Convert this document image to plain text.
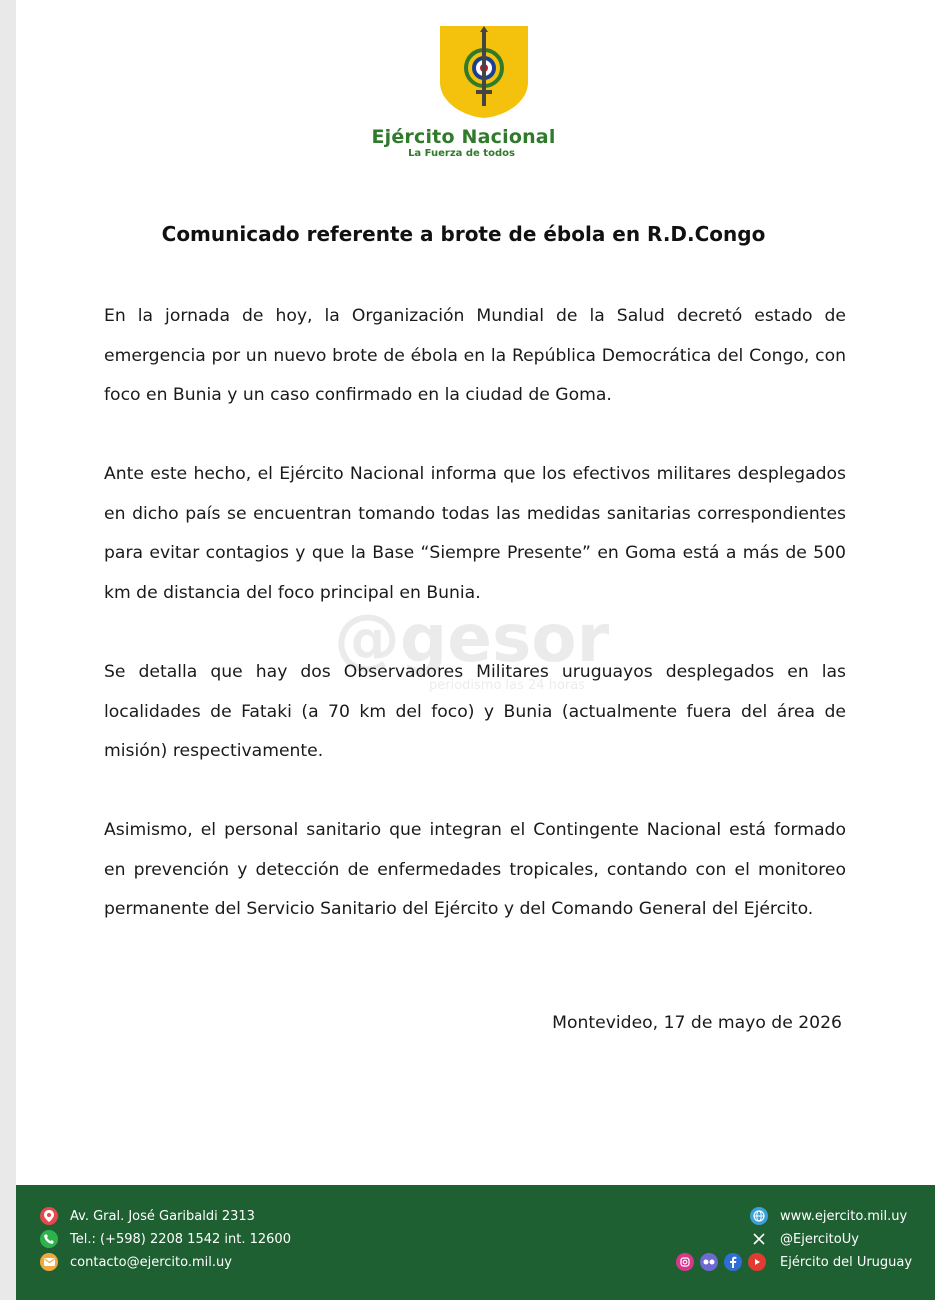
Ejército Nacional
La Fuerza de todos
Comunicado referente a brote de ébola en R.D.Congo

En la jornada de hoy, la Organización Mundial de la Salud decretó estado de emergencia por un nuevo brote de ébola en la República Democrática del Congo, con foco en Bunia y un caso confirmado en la ciudad de Goma.

Ante este hecho, el Ejército Nacional informa que los efectivos militares desplegados en dicho país se encuentran tomando todas las medidas sanitarias correspondientes para evitar contagios y que la Base “Siempre Presente” en Goma está a más de 500 km de distancia del foco principal en Bunia.

Se detalla que hay dos Observadores Militares uruguayos desplegados en las localidades de Fataki (a 70 km del foco) y Bunia (actualmente fuera del área de misión) respectivamente.

Asimismo, el personal sanitario que integran el Contingente Nacional está formado en prevención y detección de enfermedades tropicales, contando con el monitoreo permanente del Servicio Sanitario del Ejército y del Comando General del Ejército.

@gesor
periodismo las 24 horas
Montevideo, 17 de mayo de 2026
Av. Gral. José Garibaldi 2313
Tel.: (+598) 2208 1542 int. 12600
contacto@ejercito.mil.uy
www.ejercito.mil.uy
@EjercitoUy
Ejército del Uruguay
